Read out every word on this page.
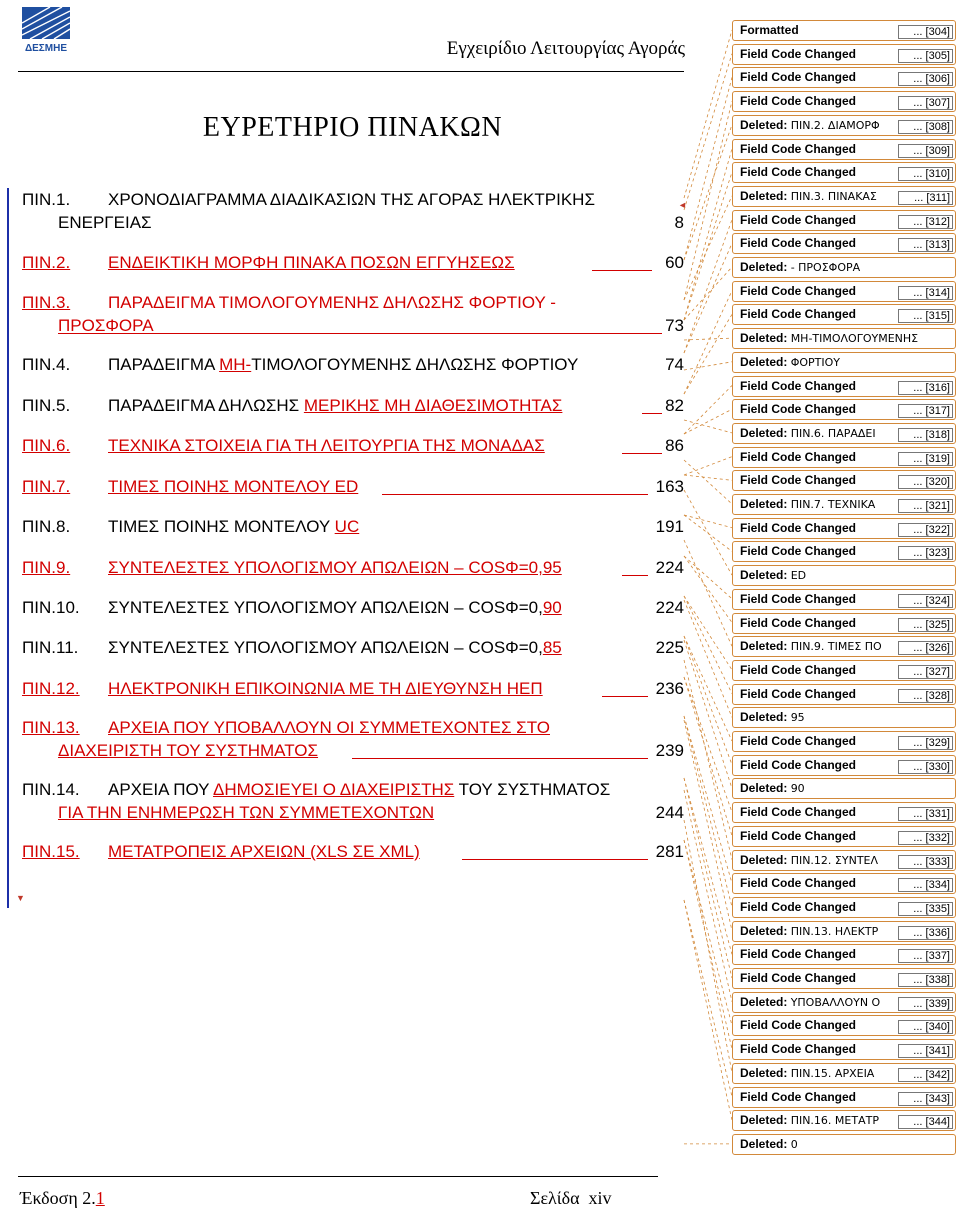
ΔΕΣΜΗΕ	Εγχειρίδιο Λειτουργίας Αγοράς
ΕΥΡΕΤΗΡΙΟ ΠΙΝΑΚΩΝ
ΠΙΝ.1. ΧΡΟΝΟΔΙΑΓΡΑΜΜΑ ΔΙΑΔΙΚΑΣΙΩΝ ΤΗΣ ΑΓΟΡΑΣ ΗΛΕΚΤΡΙΚΗΣ	◄
ΕΝΕΡΓΕΙΑΣ	8
ΠΙΝ.2. ΕΝΔΕΙΚΤΙΚΗ ΜΟΡΦΗ ΠΙΝΑΚΑ ΠΟΣΩΝ ΕΓΓΥΗΣΕΩΣ	60
ΠΙΝ.3. ΠΑΡΑΔΕΙΓΜΑ ΤΙΜΟΛΟΓΟΥΜΕΝΗΣ ΔΗΛΩΣΗΣ ΦΟΡΤΙΟΥ -
ΠΡΟΣΦΟΡΑ	73
ΠΙΝ.4. ΠΑΡΑΔΕΙΓΜΑ ΜΗ-ΤΙΜΟΛΟΓΟΥΜΕΝΗΣ ΔΗΛΩΣΗΣ ΦΟΡΤΙΟΥ	74
ΠΙΝ.5. ΠΑΡΑΔΕΙΓΜΑ ΔΗΛΩΣΗΣ ΜΕΡΙΚΗΣ ΜΗ ΔΙΑΘΕΣΙΜΟΤΗΤΑΣ	82
ΠΙΝ.6. ΤΕΧΝΙΚΑ ΣΤΟΙΧΕΙΑ ΓΙΑ ΤΗ ΛΕΙΤΟΥΡΓΙΑ ΤΗΣ ΜΟΝΑΔΑΣ	86
ΠΙΝ.7. ΤΙΜΕΣ ΠΟΙΝΗΣ ΜΟΝΤΕΛΟΥ ED	163
ΠΙΝ.8. ΤΙΜΕΣ ΠΟΙΝΗΣ ΜΟΝΤΕΛΟΥ UC	191
ΠΙΝ.9. ΣΥΝΤΕΛΕΣΤΕΣ ΥΠΟΛΟΓΙΣΜΟΥ ΑΠΩΛΕΙΩΝ – COSΦ=0,95	224
ΠΙΝ.10. ΣΥΝΤΕΛΕΣΤΕΣ ΥΠΟΛΟΓΙΣΜΟΥ ΑΠΩΛΕΙΩΝ – COSΦ=0,90	224
ΠΙΝ.11. ΣΥΝΤΕΛΕΣΤΕΣ ΥΠΟΛΟΓΙΣΜΟΥ ΑΠΩΛΕΙΩΝ – COSΦ=0,85	225
ΠΙΝ.12. ΗΛΕΚΤΡΟΝΙΚΗ ΕΠΙΚΟΙΝΩΝΙΑ ΜΕ ΤΗ ΔΙΕΥΘΥΝΣΗ ΗΕΠ	236
ΠΙΝ.13. ΑΡΧΕΙΑ ΠΟΥ ΥΠΟΒΑΛΛΟΥΝ ΟΙ ΣΥΜΜΕΤΕΧΟΝΤΕΣ ΣΤΟ
ΔΙΑΧΕΙΡΙΣΤΗ ΤΟΥ ΣΥΣΤΗΜΑΤΟΣ	239
ΠΙΝ.14. ΑΡΧΕΙΑ ΠΟΥ ΔΗΜΟΣΙΕΥΕΙ Ο ΔΙΑΧΕΙΡΙΣΤΗΣ ΤΟΥ ΣΥΣΤΗΜΑΤΟΣ
ΓΙΑ ΤΗΝ ΕΝΗΜΕΡΩΣΗ ΤΩΝ ΣΥΜΜΕΤΕΧΟΝΤΩΝ	244
ΠΙΝ.15. ΜΕΤΑΤΡΟΠΕΙΣ ΑΡΧΕΙΩΝ (XLS ΣΕ XML)	281
▼
Formatted	... [304]
Field Code Changed	... [305]
Field Code Changed	... [306]
Field Code Changed	... [307]
Deleted: ΠΙΝ.2. ΔΙΑΜΟΡΦ	... [308]
Field Code Changed	... [309]
Field Code Changed	... [310]
Deleted: ΠΙΝ.3. ΠΙΝΑΚΑΣ	... [311]
Field Code Changed	... [312]
Field Code Changed	... [313]
Deleted: - ΠΡΟΣΦΟΡΑ
Field Code Changed	... [314]
Field Code Changed	... [315]
Deleted: ΜΗ-ΤΙΜΟΛΟΓΟΥΜΕΝΗΣ
Deleted: ΦΟΡΤΙΟΥ
Field Code Changed	... [316]
Field Code Changed	... [317]
Deleted: ΠΙΝ.6. ΠΑΡΑΔΕΙ	... [318]
Field Code Changed	... [319]
Field Code Changed	... [320]
Deleted: ΠΙΝ.7. ΤΕΧΝΙΚΑ	... [321]
Field Code Changed	... [322]
Field Code Changed	... [323]
Deleted: ED
Field Code Changed	... [324]
Field Code Changed	... [325]
Deleted: ΠΙΝ.9. ΤΙΜΕΣ ΠΟ	... [326]
Field Code Changed	... [327]
Field Code Changed	... [328]
Deleted: 95
Field Code Changed	... [329]
Field Code Changed	... [330]
Deleted: 90
Field Code Changed	... [331]
Field Code Changed	... [332]
Deleted: ΠΙΝ.12. ΣΥΝΤΕΛ	... [333]
Field Code Changed	... [334]
Field Code Changed	... [335]
Deleted: ΠΙΝ.13. ΗΛΕΚΤΡ	... [336]
Field Code Changed	... [337]
Field Code Changed	... [338]
Deleted: ΥΠΟΒΑΛΛΟΥΝ Ο	... [339]
Field Code Changed	... [340]
Field Code Changed	... [341]
Deleted: ΠΙΝ.15. ΑΡΧΕΙΑ	... [342]
Field Code Changed	... [343]
Deleted: ΠΙΝ.16. ΜΕΤΑΤΡ	... [344]
Deleted: 0
Έκδοση 2.1	Σελίδα xiv
